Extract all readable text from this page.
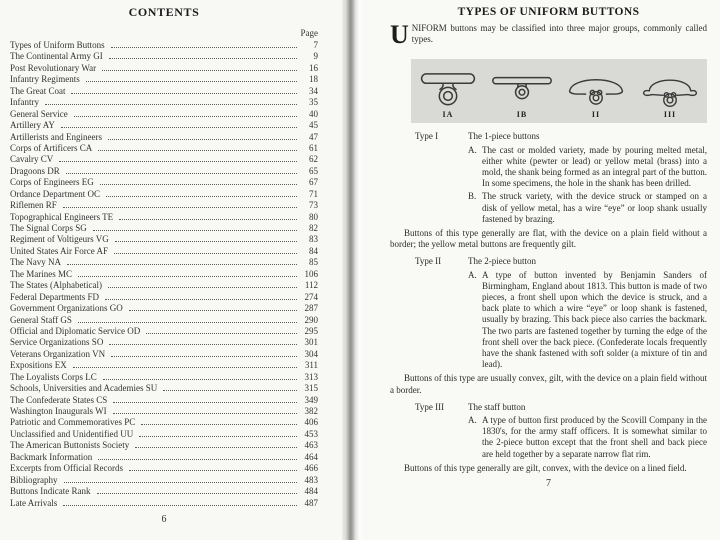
CONTENTS
Page
Types of Uniform Buttons	7
The Continental Army GI	9
Post Revolutionary War	16
Infantry Regiments	18
The Great Coat	34
Infantry	35
General Service	40
Artillery AY	45
Artillerists and Engineers	47
Corps of Artificers CA	61
Cavalry CV	62
Dragoons DR	65
Corps of Engineers EG	67
Ordance Department OC	71
Riflemen RF	73
Topographical Engineers TE	80
The Signal Corps SG	82
Regiment of Voltigeurs VG	83
United States Air Force AF	84
The Navy NA	85
The Marines MC	106
The States (Alphabetical)	112
Federal Departments FD	274
Government Organizations GO	287
General Staff GS	290
Official and Diplomatic Service OD	295
Service Organizations SO	301
Veterans Organization VN	304
Expositions EX	311
The Loyalists Corps LC	313
Schools, Universities and Academies SU	315
The Confederate States CS	349
Washington Inaugurals WI	382
Patriotic and Commemoratives PC	406
Unclassified and Unidentified UU	453
The American Buttonists Society	463
Backmark Information	464
Excerpts from Official Records	466
Bibliography	483
Buttons Indicate Rank	484
Late Arrivals	487
6
TYPES OF UNIFORM BUTTONS

UNIFORM buttons may be classified into three major groups, commonly called types.

IA	IB	II	III
Type I	The 1-piece buttons
A. The cast or molded variety, made by pouring melted metal, either white (pewter or lead) or yellow metal (brass) into a mold, the shank being formed as an integral part of the button. In some specimens, the hole in the shank has been drilled.
B. The struck variety, with the device struck or stamped on a disk of yellow metal, has a wire “eye” or loop shank usually fastened by brazing.

Buttons of this type generally are flat, with the device on a plain field without a border; the yellow metal buttons are frequently gilt.

Type II	The 2-piece button
A. A type of button invented by Benjamin Sanders of Birmingham, England about 1813. This button is made of two pieces, a front shell upon which the device is struck, and a back plate to which a wire “eye” or loop shank is fastened, usually by brazing. This back piece also carries the backmark. The two parts are fastened together by turning the edge of the front shell over the back piece. (Confederate locals frequently have the shank fastened with soft solder (a mixture of tin and lead).

Buttons of this type are usually convex, gilt, with the device on a plain field without a border.

Type III	The staff button
A. A type of button first produced by the Scovill Company in the 1830's, for the army staff officers. It is somewhat similar to the 2-piece button except that the front shell and back piece are held together by a separate narrow flat rim.

Buttons of this type generally are gilt, convex, with the device on a lined field.

7
